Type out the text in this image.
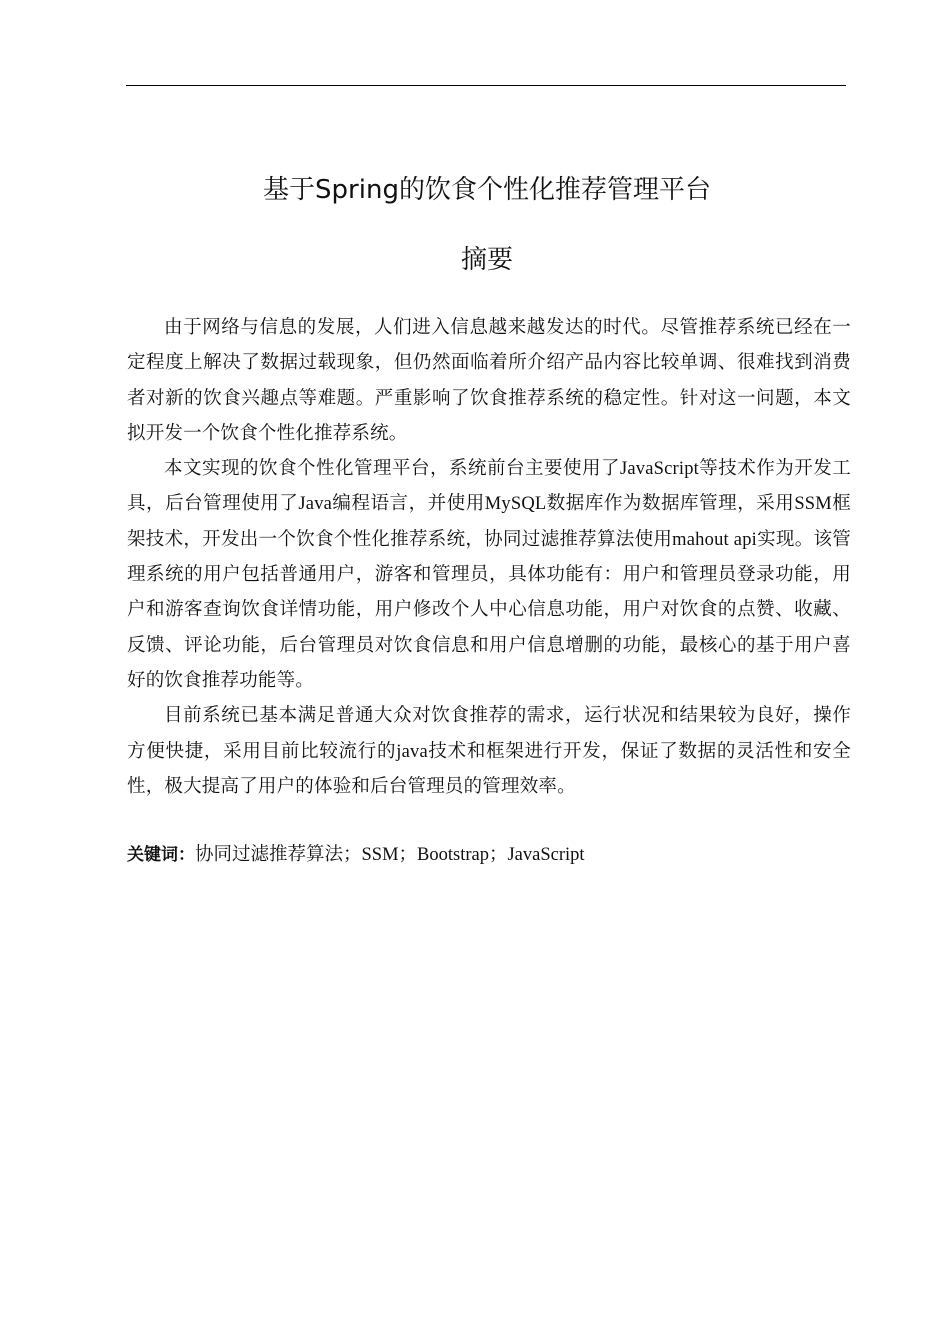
基于Spring的饮食个性化推荐管理平台
摘要

由于网络与信息的发展，人们进入信息越来越发达的时代。尽管推荐系统已经在一定程度上解决了数据过载现象，但仍然面临着所介绍产品内容比较单调、很难找到消费者对新的饮食兴趣点等难题。严重影响了饮食推荐系统的稳定性。针对这一问题，本文拟开发一个饮食个性化推荐系统。

本文实现的饮食个性化管理平台，系统前台主要使用了JavaScript等技术作为开发工具，后台管理使用了Java编程语言，并使用MySQL数据库作为数据库管理，采用SSM框架技术，开发出一个饮食个性化推荐系统，协同过滤推荐算法使用mahout api实现。该管理系统的用户包括普通用户，游客和管理员，具体功能有：用户和管理员登录功能，用户和游客查询饮食详情功能，用户修改个人中心信息功能，用户对饮食的点赞、收藏、反馈、评论功能，后台管理员对饮食信息和用户信息增删的功能，最核心的基于用户喜好的饮食推荐功能等。

目前系统已基本满足普通大众对饮食推荐的需求，运行状况和结果较为良好，操作方便快捷，采用目前比较流行的java技术和框架进行开发，保证了数据的灵活性和安全性，极大提高了用户的体验和后台管理员的管理效率。

关键词：协同过滤推荐算法；SSM；Bootstrap；JavaScript
